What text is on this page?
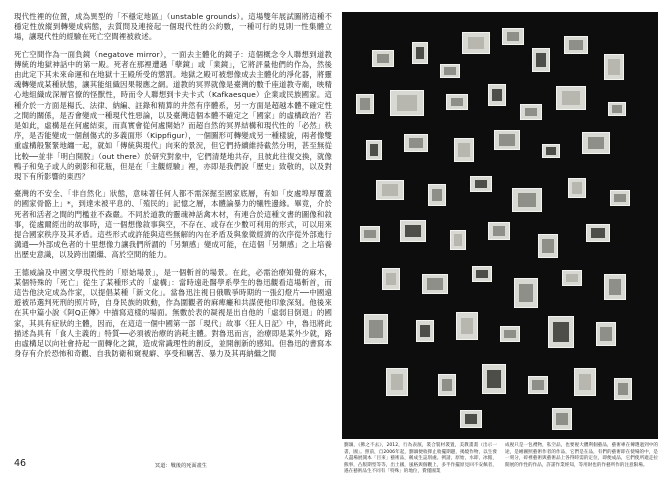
現代性裡的位置，成為異型的「不穩定地區」（unstable grounds）。這場雙年展試圖將這種不穩定性放縱到轉變成病態，去質問及連接起一個現代性的公約數，一種可行的見則一性集體立場，讓現代性的經驗在死亡空間裡被救述。

死亡空間作為一面負鏡（negatove mirror），一面去主體化的鏡子：這個概念令人聯想到道教傳統的地獄神話中的第一殿。死者在那裡遭遇「孽鏡」或「業鏡」，它將評量他們的作為，然後由此定下其未來命運和在地獄十王殿所受的懲罰。地獄之殿可被想像成去主體化的淨化器，將靈魂轉變成某種狀態，讓其能組織因果報應之網。道教的冥界就像是臺灣的數千座道教寺廟，映精心地組織成深層官僚的怪獸性，時而令人聯想到卡夫卡式（Kafkaesque）企業或民族國家。這種介於一方面是楊氏、法律、納編、註錄和精算的井然有序體系，另一方面是超越本體不確定性之間的關係，是否會變成一種現代性惡論，以及臺灣這個本體不確定之「國家」的虛構政治？若是如此，虛構是在何處結束，而真實會從何處開始？而超自然的冥界結構和現代性的「必然」秩序，是否能變成一個創傷式的多義面形（Kippfigur），一個圖形可轉變成另一種樣貌，兩者像雙重虛構般緊緊地纏一起，就如「傳統與現代」向來的景況，但它們持續維持截然分明，甚至無從比較──並非「明白開脫」（out there）於研究對象中，它們清楚地共存，且彼此往復交換，就像鴨子和兔子或人的刺影和花瓶，但是在「主觀經驗」裡，亦即是我們說「歷史」致敬的，以及對現下有所影響的東西？

臺灣的不安全、「非自然化」狀態，意味著任何人都不需深掘至國家底層，有如「皮處埠厚覆蓋的國家骨骼上」*，到達未被平息的、「殖民的」記憶之層，本體論暴力的犧牲邊緣。畢竟，介於死者和活者之間的門檻並不森嚴。不同於道教的靈魂神話禽木材，有連合於這種文書的圖像和敘事，從處爾經出的故事時，這一個想像敘事與空，不存在、或存在少數可利用的形式，可以用來提合國家秩序及其矛盾。這些形式或許能與這些無解的內在矛盾及與象徵經濟的次序從外部進行溝通──外部成色者的十里想像力讓我們所謂的「另類感」變成可能，在這個「另類感」之上培養出歷史意識，以及跨出圍繼、高於空間的能力。

王德威論及中國文學現代性的「原始場景」，是一個斬首的場景。在此，必需治療知覺的麻木，某個特殊的「死亡」從生了某種形式的「虛構」：當時遠赴醫學系學生的魯迅觀看這場斬首，而這告他決定成為作家，以提倡某種「新文化」。當魯迅注視日俄戰爭時期的一張幻燈片──中國遠遊被吊選判死刑的照片時，自身民族的敗動，作為圍觀者的麻痺癱和共謀使他印象深刻。他後來在其中篇小說《阿Q正傳》中描寫這樣的場面。無數於表的凝視是出自他的「虛弱目倒退」的國家，其具有症狀的主體，因而，在這這一個中國第一部「現代」故事〈狂人日記〉中，魯迅將此描述為具有「食人主義的」特質──必須被治療的消耗主體。對魯迅而言，治療即是某外少就，路由虛構足以向社會持起一面轉化之鏡，造成常識理性的創反，並開創新的感知。但魯迅的書寫本身存有介於恐怖和奇觀、自我防衛和窺視癖、享受和羈苦、暴力及其再納繼之間

劉韻，《佛之不去》，2012，行為表演，裝合裝材裝置，美教畫畫（出示一書，國」。照前，自2006年起，劉韻便收擇止收擺期題，揭燒作物，以生發人盡場展開本「目來」藝術品，稱成生誌別處。例請，原始，水即，冰館，熊事，凸版期型等等，出土國，風格與個觀上，多半作擺原見回不安佩者，遇在藝術品生不同有「特殊」的地位，費僅國業

成視只是一包禮物，私空品，也要視大體利個藝品，藝術專在傳選過到中的途，是繪圖照藝術作者的作品，它們是在品，有們的藝術即在使場的中，是一刻分，碎裡藝術與藝術品上各得時需的定位，即便成品，它們使所適走拉開展的作性的作品，許諾作業經知，等用財也的作藝所作的注意限場。

46	冥道：戰後的死面畫生
